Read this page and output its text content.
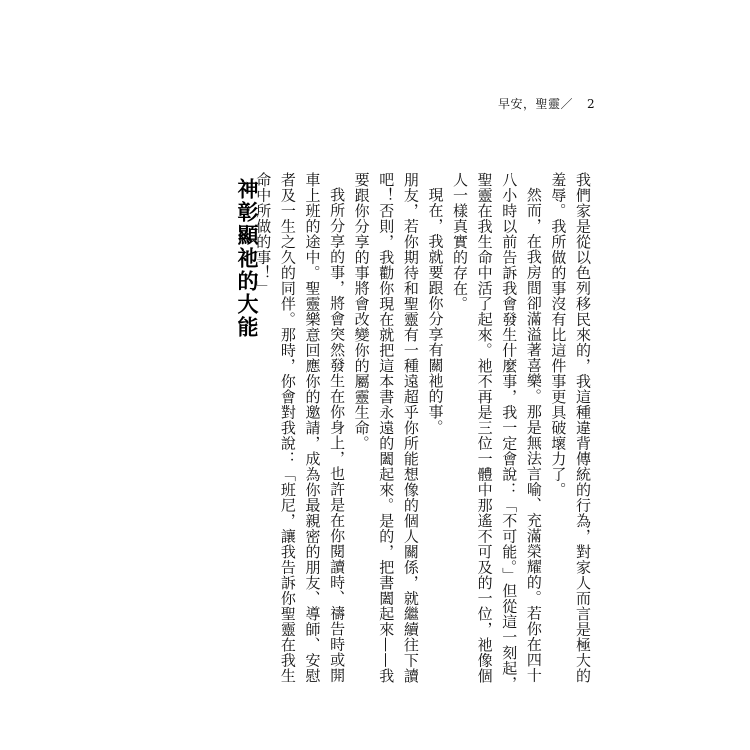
早安，聖靈／ 2

我們家是從以色列移民來的，我這種違背傳統的行為，對家人而言是極大的羞辱。我所做的事沒有比這件事更具破壞力了。

然而，在我房間卻滿溢著喜樂。那是無法言喻、充滿榮耀的。若你在四十八小時以前告訴我會發生什麼事，我一定會說：「不可能。」但從這一刻起，聖靈在我生命中活了起來。祂不再是三位一體中那遙不可及的一位，祂像個人一樣真實的存在。

現在，我就要跟你分享有關祂的事。

朋友，若你期待和聖靈有一種遠超乎你所能想像的個人關係，就繼續往下讀吧！否則，我勸你現在就把這本書永遠的闔起來。是的，把書闔起來——我要跟你分享的事將會改變你的屬靈生命。

我所分享的事，將會突然發生在你身上，也許是在你閱讀時、禱告時或開車上班的途中。聖靈樂意回應你的邀請，成為你最親密的朋友、導師、安慰者及一生之久的同伴。那時，你會對我說：「班尼，讓我告訴你聖靈在我生命中所做的事！」

神彰顯祂的大能
